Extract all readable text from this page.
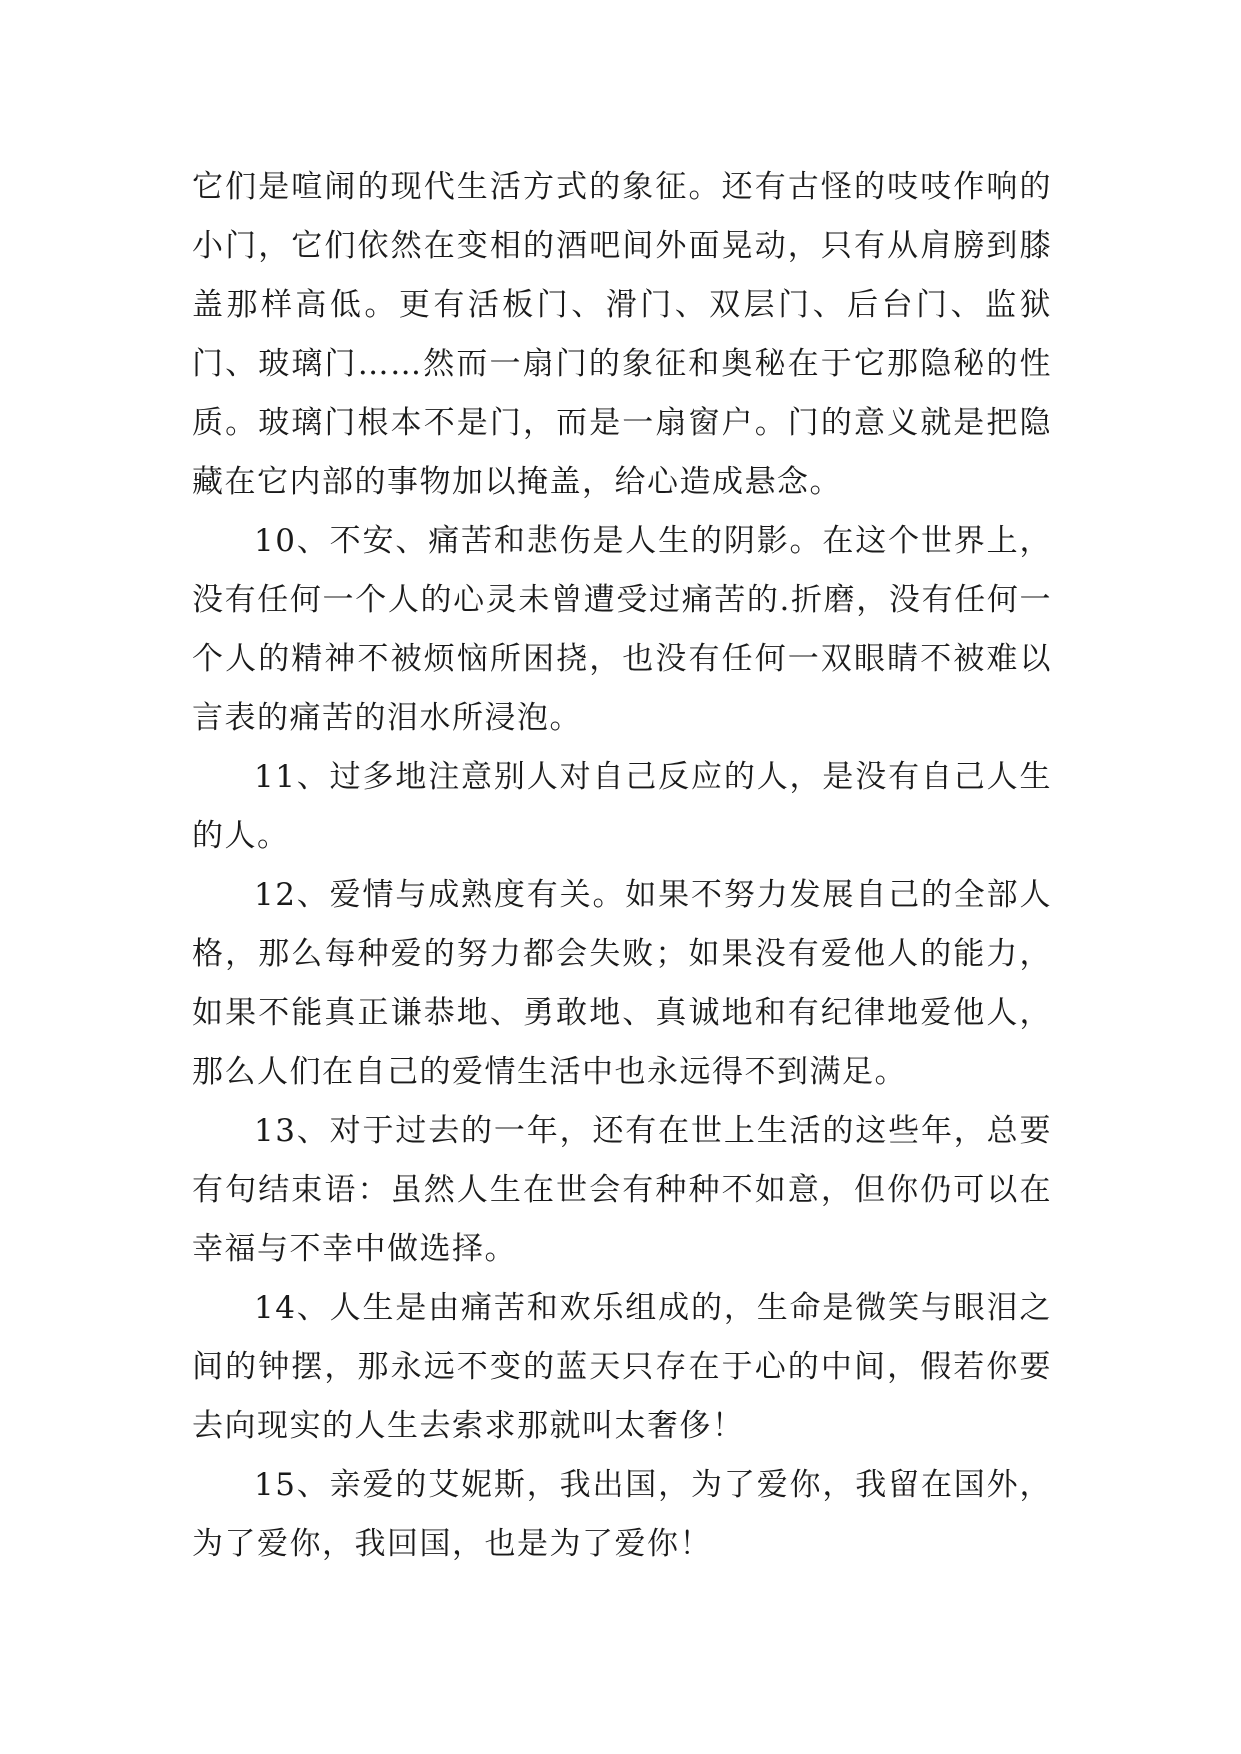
它们是喧闹的现代生活方式的象征。还有古怪的吱吱作响的小门，它们依然在变相的酒吧间外面晃动，只有从肩膀到膝盖那样高低。更有活板门、滑门、双层门、后台门、监狱门、玻璃门……然而一扇门的象征和奥秘在于它那隐秘的性质。玻璃门根本不是门，而是一扇窗户。门的意义就是把隐藏在它内部的事物加以掩盖，给心造成悬念。

10、不安、痛苦和悲伤是人生的阴影。在这个世界上，没有任何一个人的心灵未曾遭受过痛苦的.折磨，没有任何一个人的精神不被烦恼所困挠，也没有任何一双眼睛不被难以言表的痛苦的泪水所浸泡。

11、过多地注意别人对自己反应的人，是没有自己人生的人。

12、爱情与成熟度有关。如果不努力发展自己的全部人格，那么每种爱的努力都会失败；如果没有爱他人的能力，如果不能真正谦恭地、勇敢地、真诚地和有纪律地爱他人，那么人们在自己的爱情生活中也永远得不到满足。

13、对于过去的一年，还有在世上生活的这些年，总要有句结束语：虽然人生在世会有种种不如意，但你仍可以在幸福与不幸中做选择。

14、人生是由痛苦和欢乐组成的，生命是微笑与眼泪之间的钟摆，那永远不变的蓝天只存在于心的中间，假若你要去向现实的人生去索求那就叫太奢侈！

15、亲爱的艾妮斯，我出国，为了爱你，我留在国外，为了爱你，我回国，也是为了爱你！
